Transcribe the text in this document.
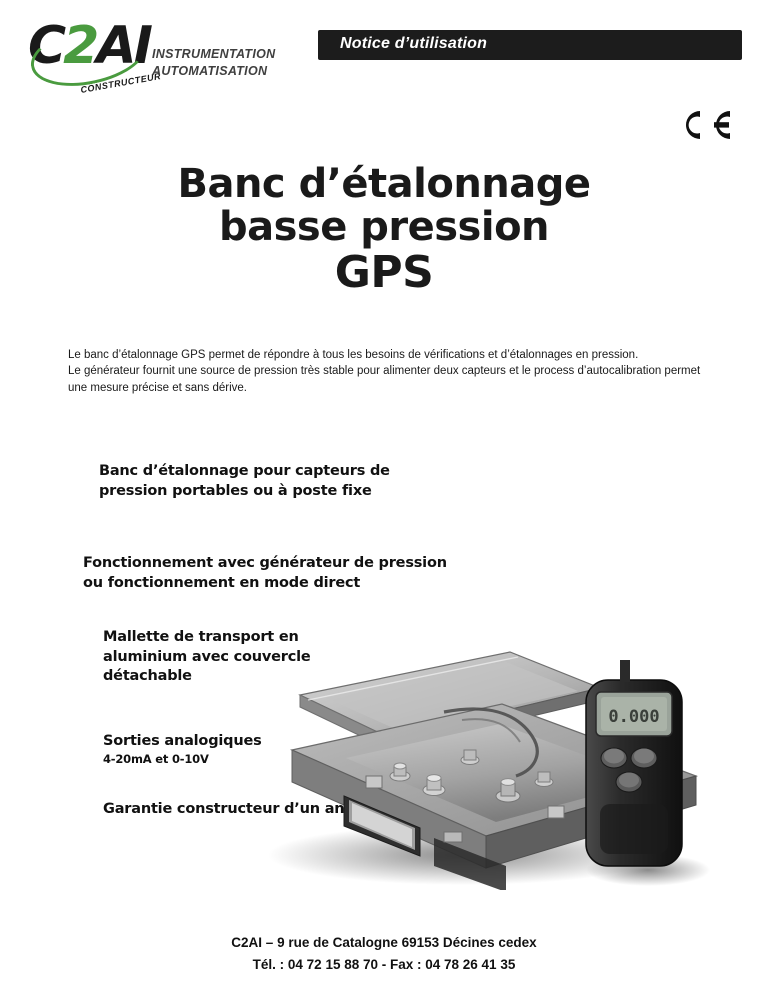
C2AI
CONSTRUCTEUR
INSTRUMENTATION
AUTOMATISATION
Notice d’utilisation
Banc d’étalonnage
basse pression
GPS
Le banc d’étalonnage GPS permet de répondre à tous les besoins de vérifications et d’étalonnages en pression.
Le générateur fournit une source de pression très stable pour alimenter deux capteurs et le process d’autocalibration permet une mesure précise et sans dérive.
Banc d’étalonnage pour capteurs de pression portables ou à poste fixe
Fonctionnement avec générateur de pression ou fonctionnement en mode direct
Mallette de transport en aluminium avec couvercle détachable
Sorties analogiques
4-20mA et 0-10V
Garantie constructeur d’un an
0.000
C2AI – 9 rue de Catalogne 69153 Décines cedex
Tél. : 04 72 15 88 70 - Fax : 04 78 26 41 35
